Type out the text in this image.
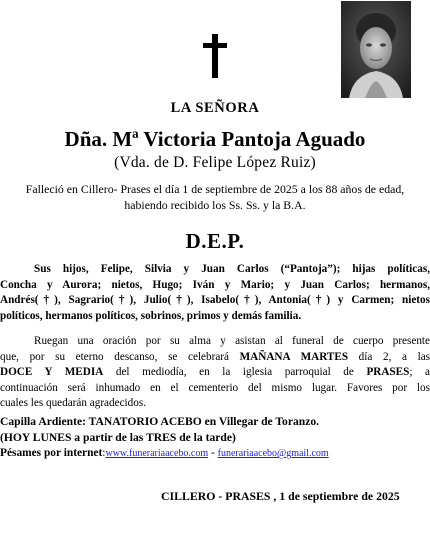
LA SEÑORA
Dña. Mª Victoria Pantoja Aguado
(Vda. de D. Felipe López Ruiz)
Falleció en Cillero- Prases el día 1 de septiembre de 2025 a los 88 años de edad,
habiendo recibido los Ss. Ss. y la B.A.
D.E.P.
Sus hijos, Felipe, Silvia y Juan Carlos (“Pantoja”); hijas políticas,
Concha y Aurora; nietos, Hugo; Iván y Mario; y Juan Carlos; hermanos,
Andrés(†), Sagrario(†), Julio(†), Isabelo(†), Antonia(†) y Carmen; nietos
políticos, hermanos políticos, sobrinos, primos y demás familia.
Ruegan una oración por su alma y asistan al funeral de cuerpo presente
que, por su eterno descanso, se celebrará MAÑANA MARTES día 2, a las
DOCE Y MEDIA del mediodía, en la iglesia parroquial de PRASES; a
continuación será inhumado en el cementerio del mismo lugar. Favores por los
cuales les quedarán agradecidos.
Capilla Ardiente: TANATORIO ACEBO en Villegar de Toranzo.
(HOY LUNES a partir de las TRES de la tarde)
Pésames por internet:www.funerariaacebo.com - funerariaacebo@gmail.com
CILLERO - PRASES , 1 de septiembre de 2025
